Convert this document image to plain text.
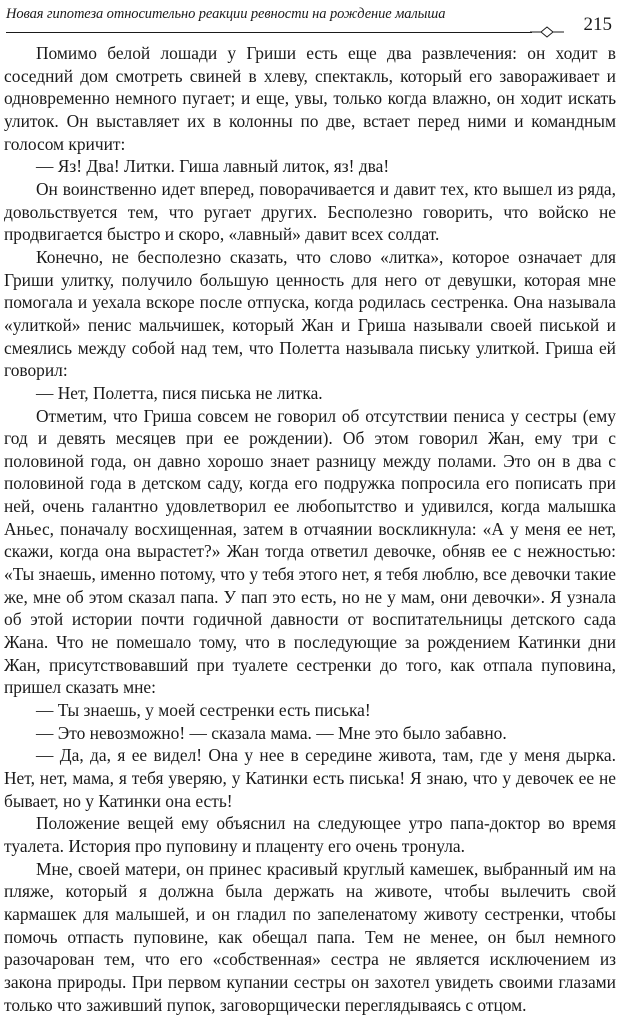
Новая гипотеза относительно реакции ревности на рождение малыша	215

Помимо белой лошади у Гриши есть еще два развлечения: он ходит в соседний дом смотреть свиней в хлеву, спектакль, который его завораживает и одновременно немного пугает; и еще, увы, только когда влажно, он ходит искать улиток. Он выставляет их в колонны по две, встает перед ними и командным голосом кричит:

— Яз! Два! Литки. Гиша лавный литок, яз! два!

Он воинственно идет вперед, поворачивается и давит тех, кто вышел из ряда, довольствуется тем, что ругает других. Бесполезно говорить, что войско не продвигается быстро и скоро, «лавный» давит всех солдат.

Конечно, не бесполезно сказать, что слово «литка», которое означает для Гриши улитку, получило большую ценность для него от девушки, которая мне помогала и уехала вскоре после отпуска, когда родилась сестренка. Она называла «улиткой» пенис мальчишек, который Жан и Гриша называли своей писькой и смеялись между собой над тем, что Полетта называла письку улиткой. Гриша ей говорил:

— Нет, Полетта, пися писька не литка.

Отметим, что Гриша совсем не говорил об отсутствии пениса у сестры (ему год и девять месяцев при ее рождении). Об этом говорил Жан, ему три с половиной года, он давно хорошо знает разницу между полами. Это он в два с половиной года в детском саду, когда его подружка попросила его пописать при ней, очень галантно удовлетворил ее любопытство и удивился, когда малышка Аньес, поначалу восхищенная, затем в отчаянии воскликнула: «А у меня ее нет, скажи, когда она вырастет?» Жан тогда ответил девочке, обняв ее с нежностью: «Ты знаешь, именно потому, что у тебя этого нет, я тебя люблю, все девочки такие же, мне об этом сказал папа. У пап это есть, но не у мам, они девочки». Я узнала об этой истории почти годичной давности от воспитательницы детского сада Жана. Что не помешало тому, что в последующие за рождением Катинки дни Жан, присутствовавший при туалете сестренки до того, как отпала пуповина, пришел сказать мне:

— Ты знаешь, у моей сестренки есть писька!

— Это невозможно! — сказала мама. — Мне это было забавно.

— Да, да, я ее видел! Она у нее в середине живота, там, где у меня дырка. Нет, нет, мама, я тебя уверяю, у Катинки есть писька! Я знаю, что у девочек ее не бывает, но у Катинки она есть!

Положение вещей ему объяснил на следующее утро папа-доктор во время туалета. История про пуповину и плаценту его очень тронула.

Мне, своей матери, он принес красивый круглый камешек, выбранный им на пляже, который я должна была держать на животе, чтобы вылечить свой кармашек для малышей, и он гладил по запеленатому животу сестренки, чтобы помочь отпасть пуповине, как обещал папа. Тем не менее, он был немного разочарован тем, что его «собственная» сестра не является исключением из закона природы. При первом купании сестры он захотел увидеть своими глазами только что заживший пупок, заговорщически переглядываясь с отцом.
